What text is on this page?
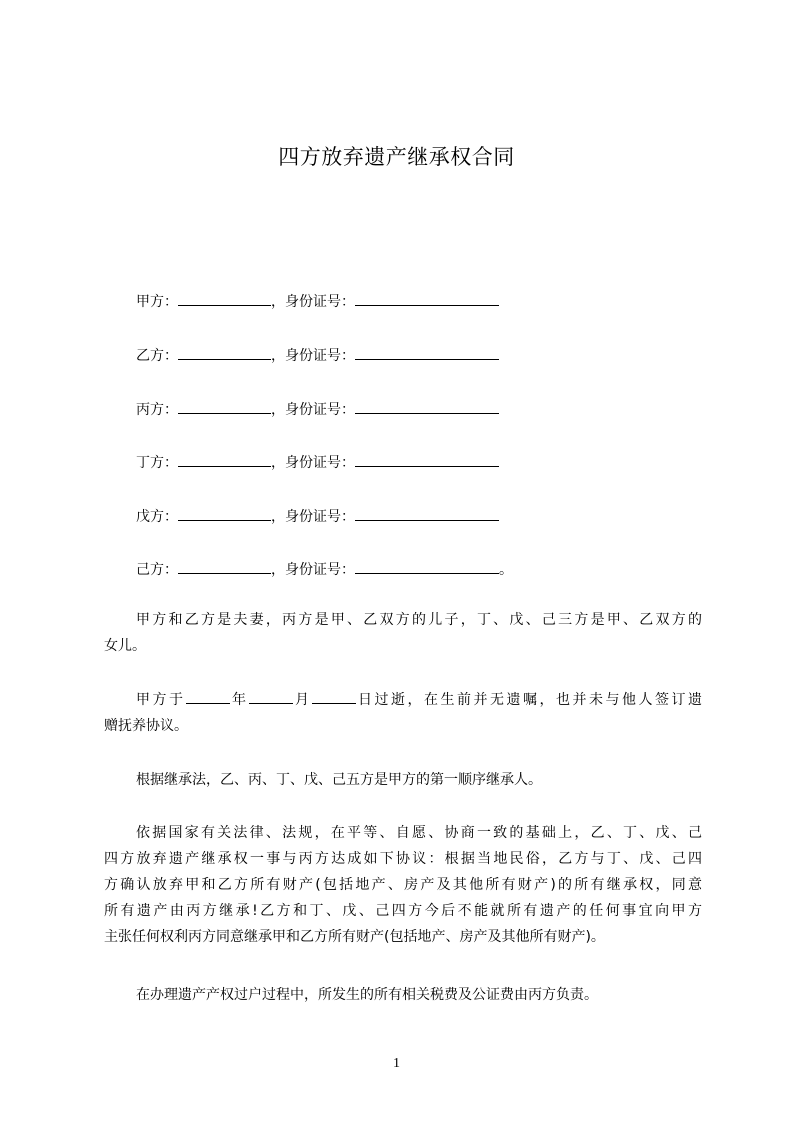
四方放弃遗产继承权合同
甲方：	，身份证号：
乙方：	，身份证号：
丙方：	，身份证号：
丁方：	，身份证号：
戊方：	，身份证号：
己方：	，身份证号：	。
甲方和乙方是夫妻，丙方是甲、乙双方的儿子，丁、戊、己三方是甲、乙双方的
女儿。
甲方于	年	月	日过逝，在生前并无遗嘱，也并未与他人签订遗
赠抚养协议。
根据继承法，乙、丙、丁、戊、己五方是甲方的第一顺序继承人。
依据国家有关法律、法规，在平等、自愿、协商一致的基础上，乙、丁、戊、己
四方放弃遗产继承权一事与丙方达成如下协议：根据当地民俗，乙方与丁、戊、己四
方确认放弃甲和乙方所有财产(包括地产、房产及其他所有财产)的所有继承权，同意
所有遗产由丙方继承!乙方和丁、戊、己四方今后不能就所有遗产的任何事宜向甲方
主张任何权利丙方同意继承甲和乙方所有财产(包括地产、房产及其他所有财产)。
在办理遗产产权过户过程中，所发生的所有相关税费及公证费由丙方负责。
1
